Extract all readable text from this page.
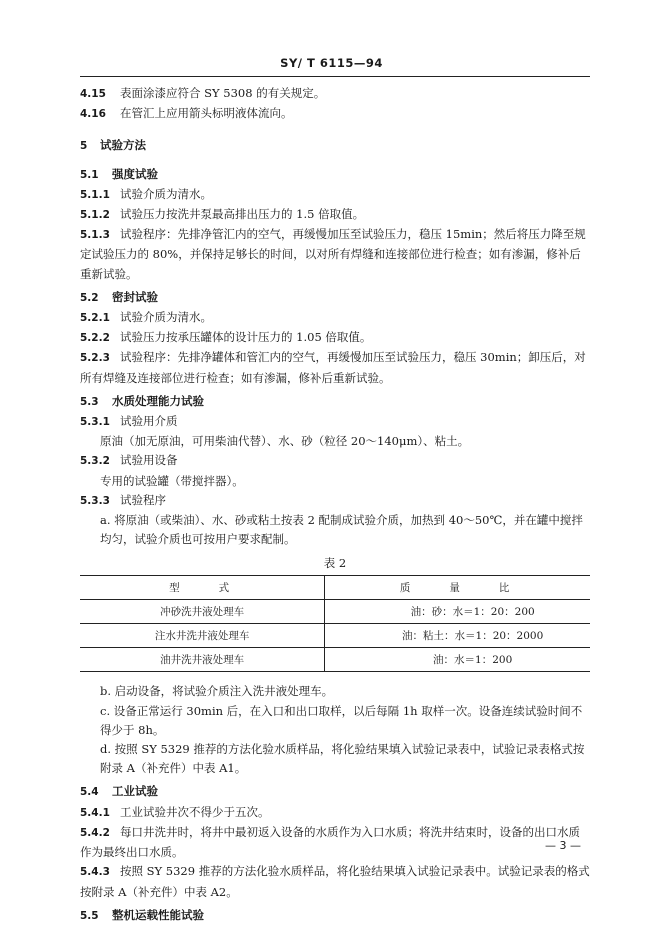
SY/ T 6115—94

4.15 表面涂漆应符合 SY 5308 的有关规定。

4.16 在管汇上应用箭头标明液体流向。

5 试验方法

5.1 强度试验

5.1.1 试验介质为清水。

5.1.2 试验压力按洗井泵最高排出压力的 1.5 倍取值。

5.1.3 试验程序：先排净管汇内的空气，再缓慢加压至试验压力，稳压 15min；然后将压力降至规定试验压力的 80%，并保持足够长的时间，以对所有焊缝和连接部位进行检查；如有渗漏，修补后重新试验。

5.2 密封试验

5.2.1 试验介质为清水。

5.2.2 试验压力按承压罐体的设计压力的 1.05 倍取值。

5.2.3 试验程序：先排净罐体和管汇内的空气，再缓慢加压至试验压力，稳压 30min；卸压后，对所有焊缝及连接部位进行检查；如有渗漏，修补后重新试验。

5.3 水质处理能力试验

5.3.1 试验用介质

原油（加无原油，可用柴油代替）、水、砂（粒径 20～140μm）、粘土。

5.3.2 试验用设备

专用的试验罐（带搅拌器）。

5.3.3 试验程序

a. 将原油（或柴油）、水、砂或粘土按表 2 配制成试验介质，加热到 40～50℃，并在罐中搅拌均匀，试验介质也可按用户要求配制。

表 2
型　　式	质　　量　　比
冲砂洗井液处理车	油：砂：水＝1：20：200
注水井洗井液处理车	油：粘土：水＝1：20：2000
油井洗井液处理车	油：水＝1：200

b. 启动设备，将试验介质注入洗井液处理车。

c. 设备正常运行 30min 后，在入口和出口取样，以后每隔 1h 取样一次。设备连续试验时间不得少于 8h。

d. 按照 SY 5329 推荐的方法化验水质样品，将化验结果填入试验记录表中，试验记录表格式按附录 A（补充件）中表 A1。

5.4 工业试验

5.4.1 工业试验井次不得少于五次。

5.4.2 每口井洗井时，将井中最初返入设备的水质作为入口水质；将洗井结束时，设备的出口水质作为最终出口水质。

5.4.3 按照 SY 5329 推荐的方法化验水质样品，将化验结果填入试验记录表中。试验记录表的格式按附录 A（补充件）中表 A2。

5.5 整机运载性能试验

— 3 —
